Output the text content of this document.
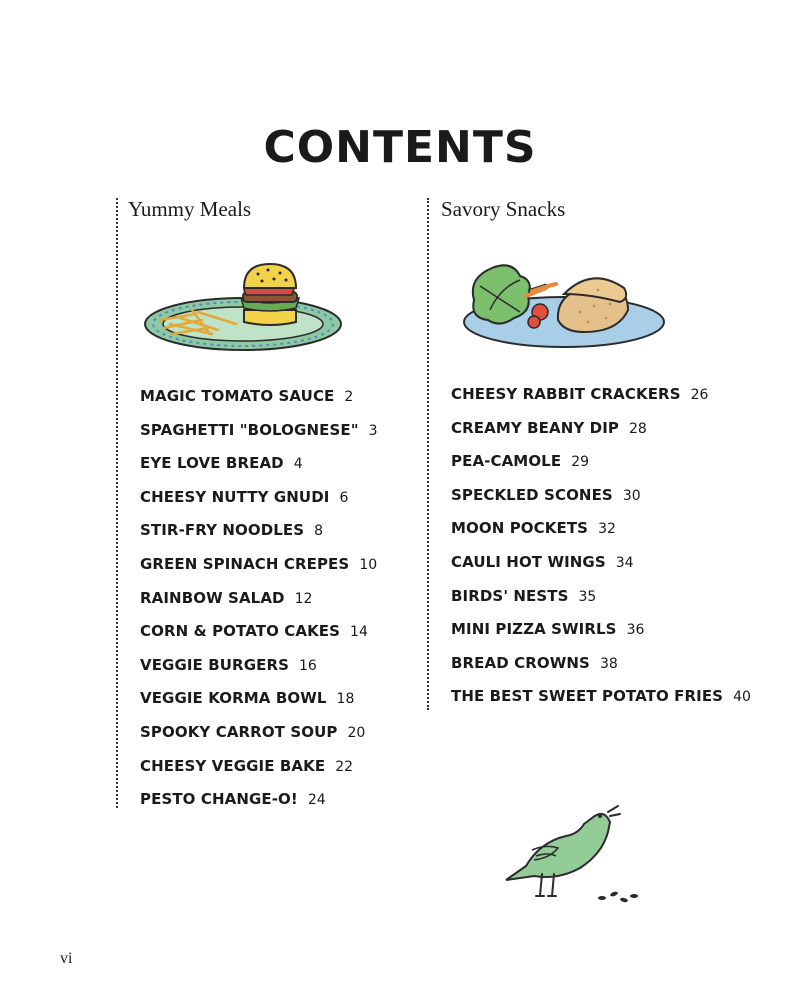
CONTENTS
Yummy Meals
MAGIC TOMATO SAUCE 2
SPAGHETTI "BOLOGNESE" 3
EYE LOVE BREAD 4
CHEESY NUTTY GNUDI 6
STIR-FRY NOODLES 8
GREEN SPINACH CREPES 10
RAINBOW SALAD 12
CORN & POTATO CAKES 14
VEGGIE BURGERS 16
VEGGIE KORMA BOWL 18
SPOOKY CARROT SOUP 20
CHEESY VEGGIE BAKE 22
PESTO CHANGE-O! 24
Savory Snacks
CHEESY RABBIT CRACKERS 26
CREAMY BEANY DIP 28
PEA-CAMOLE 29
SPECKLED SCONES 30
MOON POCKETS 32
CAULI HOT WINGS 34
BIRDS' NESTS 35
MINI PIZZA SWIRLS 36
BREAD CROWNS 38
THE BEST SWEET POTATO FRIES 40
vi
